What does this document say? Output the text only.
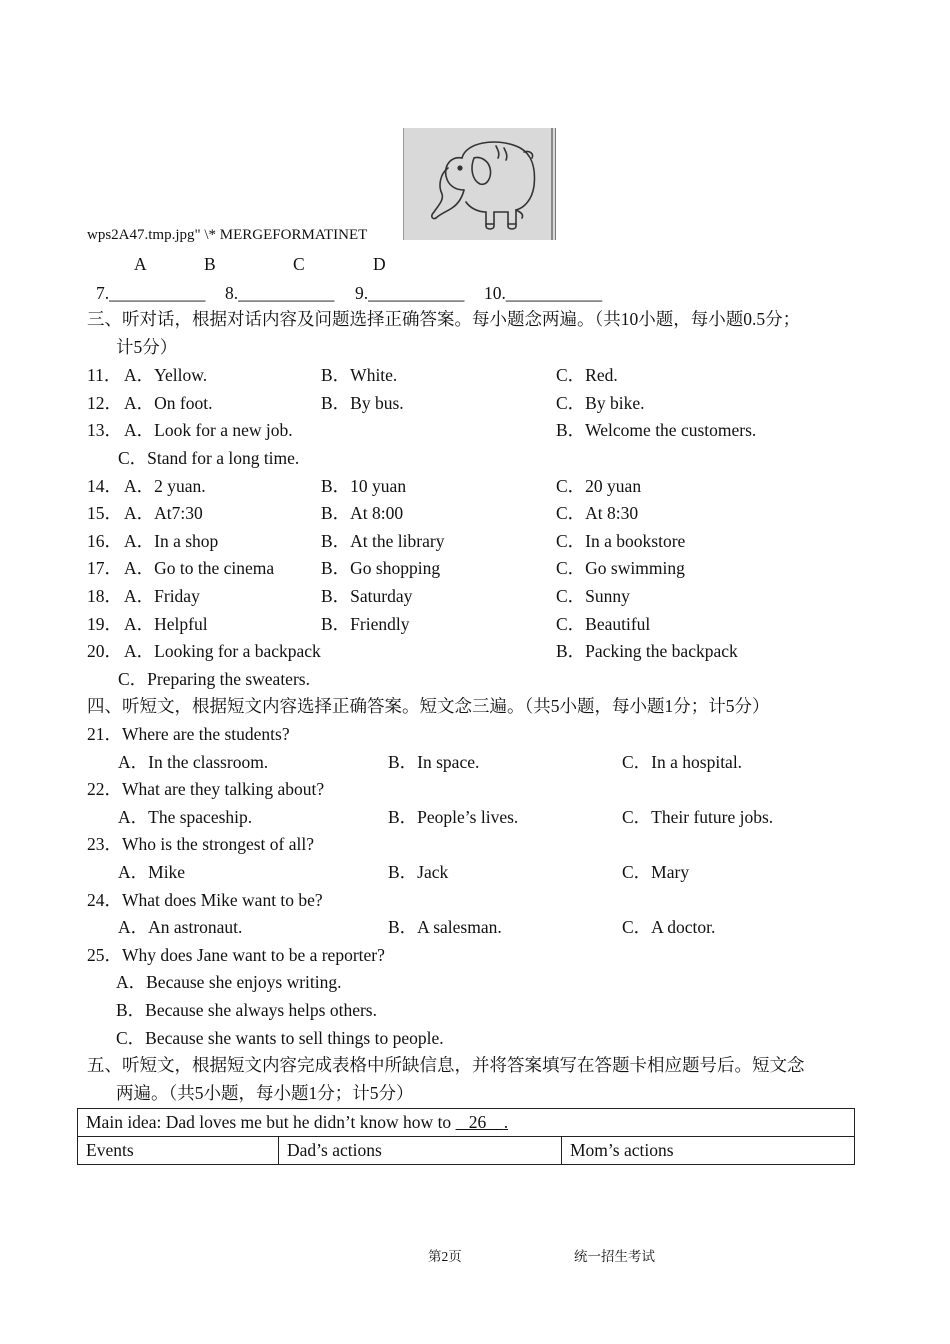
wps2A47.tmp.jpg" \* MERGEFORMATINET
A	B	C	D
7.___________ 8.___________ 9.___________ 10.___________
三、听对话，根据对话内容及问题选择正确答案。每小题念两遍。（共10小题，每小题0.5分；
计5分）
11． A．Yellow.	B．White.	C．Red.
12． A．On foot.	B．By bus.	C．By bike.
13． A．Look for a new job.	B．Welcome the customers.
C．Stand for a long time.
14． A．2 yuan.	B．10 yuan	C．20 yuan
15． A．At7:30	B．At 8:00	C．At 8:30
16． A．In a shop	B．At the library	C．In a bookstore
17． A．Go to the cinema	B．Go shopping	C．Go swimming
18． A．Friday	B．Saturday	C．Sunny
19． A．Helpful	B．Friendly	C．Beautiful
20． A．Looking for a backpack	B．Packing the backpack
C．Preparing the sweaters.
四、听短文，根据短文内容选择正确答案。短文念三遍。（共5小题，每小题1分；计5分）
21．Where are the students?
A．In the classroom.	B．In space.	C．In a hospital.
22．What are they talking about?
A．The spaceship.	B．People’s lives.	C．Their future jobs.
23．Who is the strongest of all?
A．Mike	B．Jack	C．Mary
24．What does Mike want to be?
A．An astronaut.	B．A salesman.	C．A doctor.
25．Why does Jane want to be a reporter?
A．Because she enjoys writing.
B．Because she always helps others.
C．Because she wants to sell things to people.
五、听短文，根据短文内容完成表格中所缺信息，并将答案填写在答题卡相应题号后。短文念
两遍。（共5小题，每小题1分；计5分）
Main idea: Dad loves me but he didn’t know how to    26    .
Events	Dad’s actions	Mom’s actions
第2页	统一招生考试
